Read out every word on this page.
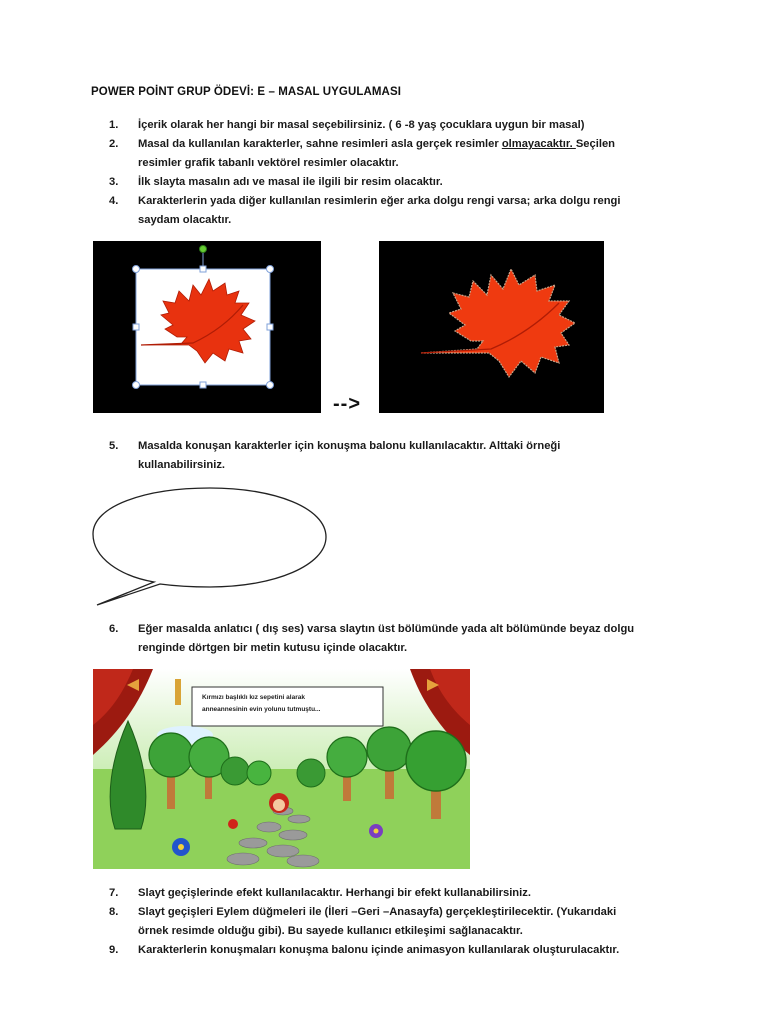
POWER POİNT GRUP ÖDEVİ: E – MASAL UYGULAMASI
1.	İçerik olarak her hangi bir masal seçebilirsiniz. ( 6 -8 yaş çocuklara uygun bir masal)
2.	Masal da kullanılan karakterler, sahne resimleri asla gerçek resimler olmayacaktır. Seçilen
resimler grafik tabanlı vektörel resimler olacaktır.
3.	İlk slayta masalın adı ve masal ile ilgili bir resim olacaktır.
4.	Karakterlerin yada diğer kullanılan resimlerin eğer arka dolgu rengi varsa; arka dolgu rengi
saydam olacaktır.
-->
5.	Masalda konuşan karakterler için konuşma balonu kullanılacaktır. Alttaki örneği
kullanabilirsiniz.
6.	Eğer masalda anlatıcı ( dış ses) varsa slaytın üst bölümünde yada alt bölümünde beyaz dolgu
renginde dörtgen bir metin kutusu içinde olacaktır.
Kırmızı başlıklı kız sepetini alarak
anneannesinin evin yolunu tutmuştu...
7.	Slayt geçişlerinde efekt kullanılacaktır. Herhangi bir efekt kullanabilirsiniz.
8.	Slayt geçişleri Eylem düğmeleri ile (İleri –Geri –Anasayfa) gerçekleştirilecektir. (Yukarıdaki
örnek resimde olduğu gibi). Bu sayede kullanıcı etkileşimi sağlanacaktır.
9.	Karakterlerin konuşmaları konuşma balonu içinde animasyon kullanılarak oluşturulacaktır.
